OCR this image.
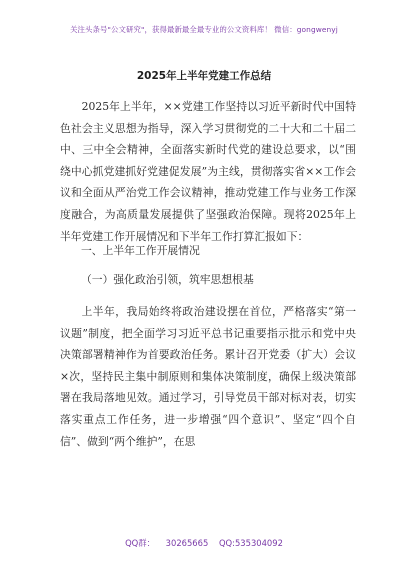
关注头条号"公文研究"，获得最新最全最专业的公文资料库！ 微信：gongwenyj
2025年上半年党建工作总结
2025年上半年，××党建工作坚持以习近平新时代中国特色社会主义思想为指导，深入学习贯彻党的二十大和二十届二中、三中全会精神，全面落实新时代党的建设总要求，以“围绕中心抓党建抓好党建促发展”为主线，贯彻落实省××工作会议和全面从严治党工作会议精神，推动党建工作与业务工作深度融合，为高质量发展提供了坚强政治保障。现将2025年上半年党建工作开展情况和下半年工作打算汇报如下：
一、上半年工作开展情况
（一）强化政治引领，筑牢思想根基
上半年，我局始终将政治建设摆在首位，严格落实“第一议题”制度，把全面学习习近平总书记重要指示批示和党中央决策部署精神作为首要政治任务。累计召开党委（扩大）会议×次，坚持民主集中制原则和集体决策制度，确保上级决策部署在我局落地见效。通过学习，引导党员干部对标对表，切实落实重点工作任务，进一步增强“四个意识”、坚定“四个自信”、做到“两个维护”，在思
QQ群： 30265665 QQ:535304092
